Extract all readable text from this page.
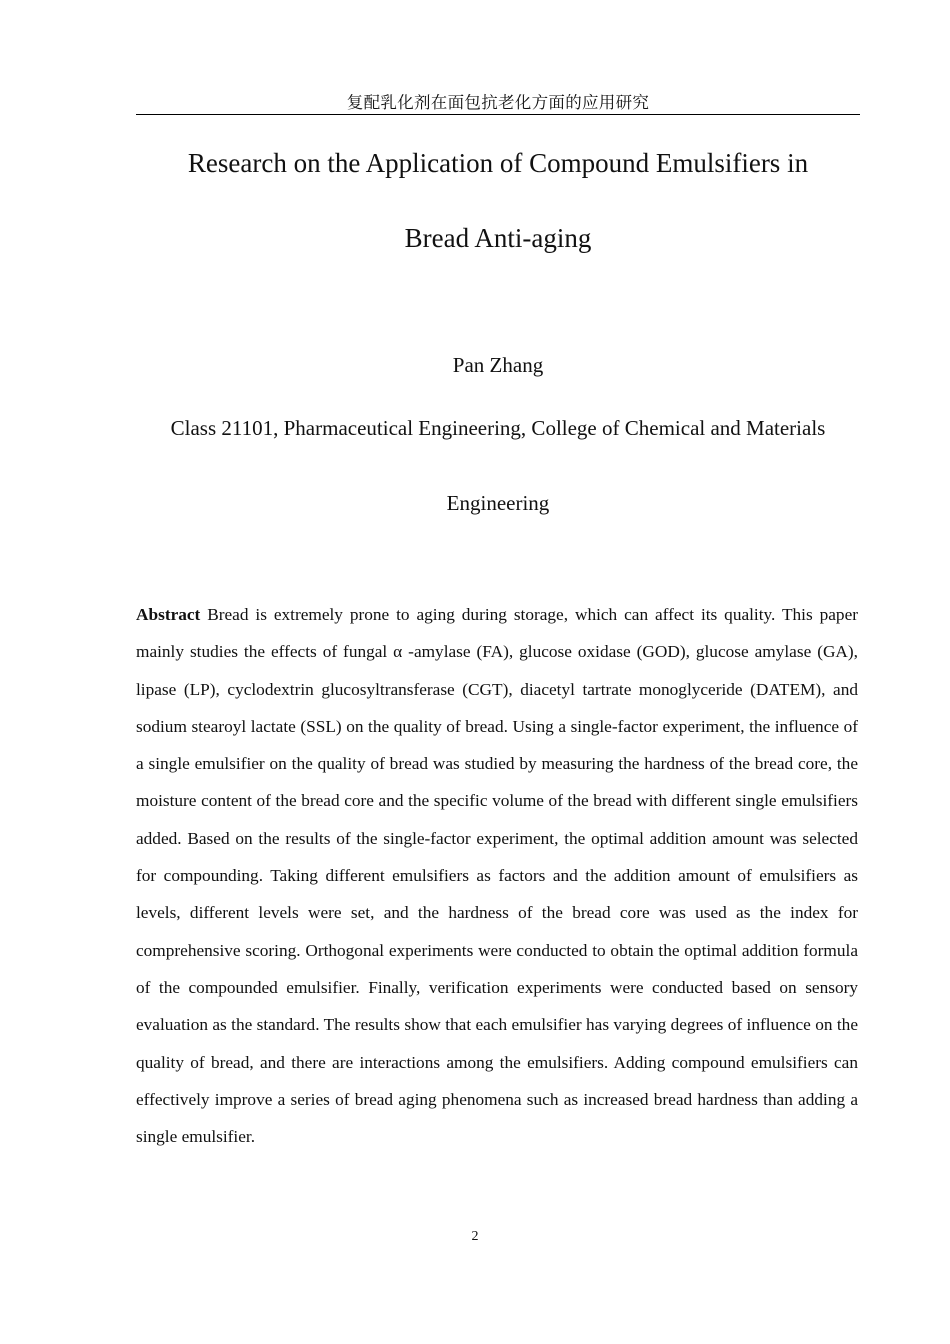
复配乳化剂在面包抗老化方面的应用研究
Research on the Application of Compound Emulsifiers in
Bread Anti-aging
Pan Zhang
Class 21101, Pharmaceutical Engineering, College of Chemical and Materials
Engineering

Abstract Bread is extremely prone to aging during storage, which can affect its quality. This paper mainly studies the effects of fungal α -amylase (FA), glucose oxidase (GOD), glucose amylase (GA), lipase (LP), cyclodextrin glucosyltransferase (CGT), diacetyl tartrate monoglyceride (DATEM), and sodium stearoyl lactate (SSL) on the quality of bread. Using a single-factor experiment, the influence of a single emulsifier on the quality of bread was studied by measuring the hardness of the bread core, the moisture content of the bread core and the specific volume of the bread with different single emulsifiers added. Based on the results of the single-factor experiment, the optimal addition amount was selected for compounding. Taking different emulsifiers as factors and the addition amount of emulsifiers as levels, different levels were set, and the hardness of the bread core was used as the index for comprehensive scoring. Orthogonal experiments were conducted to obtain the optimal addition formula of the compounded emulsifier. Finally, verification experiments were conducted based on sensory evaluation as the standard. The results show that each emulsifier has varying degrees of influence on the quality of bread, and there are interactions among the emulsifiers. Adding compound emulsifiers can effectively improve a series of bread aging phenomena such as increased bread hardness than adding a single emulsifier.

2
